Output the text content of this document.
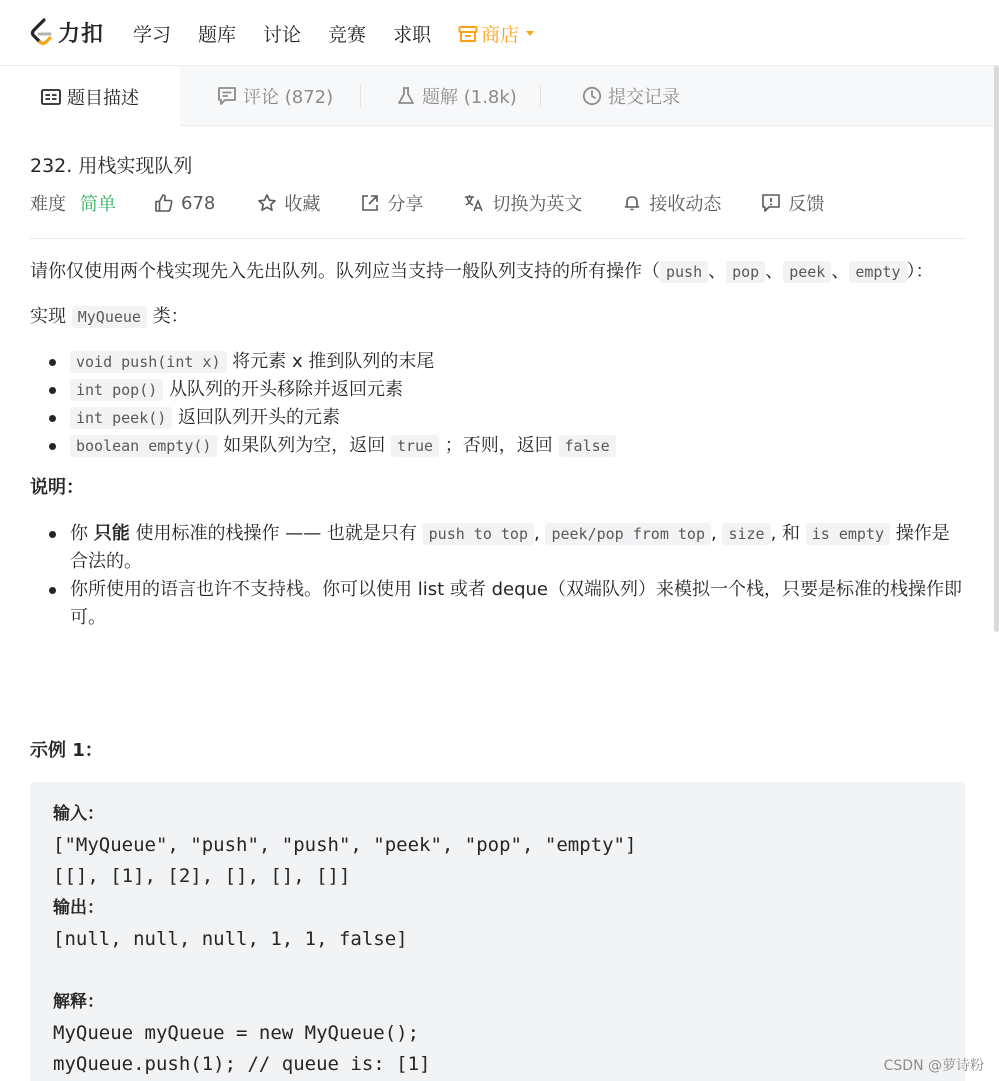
力扣 学习 题库 讨论 竞赛 求职	商店
题目描述	评论 (872)	题解 (1.8k)	提交记录
232. 用栈实现队列
难度 简单	678	收藏	分享	切换为英文	接收动态	反馈

请你仅使用两个栈实现先入先出队列。队列应当支持一般队列支持的所有操作（ push 、 pop 、 peek 、 empty ）：

实现 MyQueue 类：

void push(int x) 将元素 x 推到队列的末尾
int pop() 从队列的开头移除并返回元素
int peek() 返回队列开头的元素
boolean empty() 如果队列为空，返回 true ；否则，返回 false
说明：
你 只能 使用标准的栈操作 —— 也就是只有 push to top , peek/pop from top , size , 和 is empty 操作是合法的。
你所使用的语言也许不支持栈。你可以使用 list 或者 deque（双端队列）来模拟一个栈，只要是标准的栈操作即可。
示例 1：
输入：
["MyQueue", "push", "push", "peek", "pop", "empty"]
[[], [1], [2], [], [], []]
输出：
[null, null, null, 1, 1, false]

解释：
MyQueue myQueue = new MyQueue();
myQueue.push(1); // queue is: [1]	CSDN @萝诗粉
